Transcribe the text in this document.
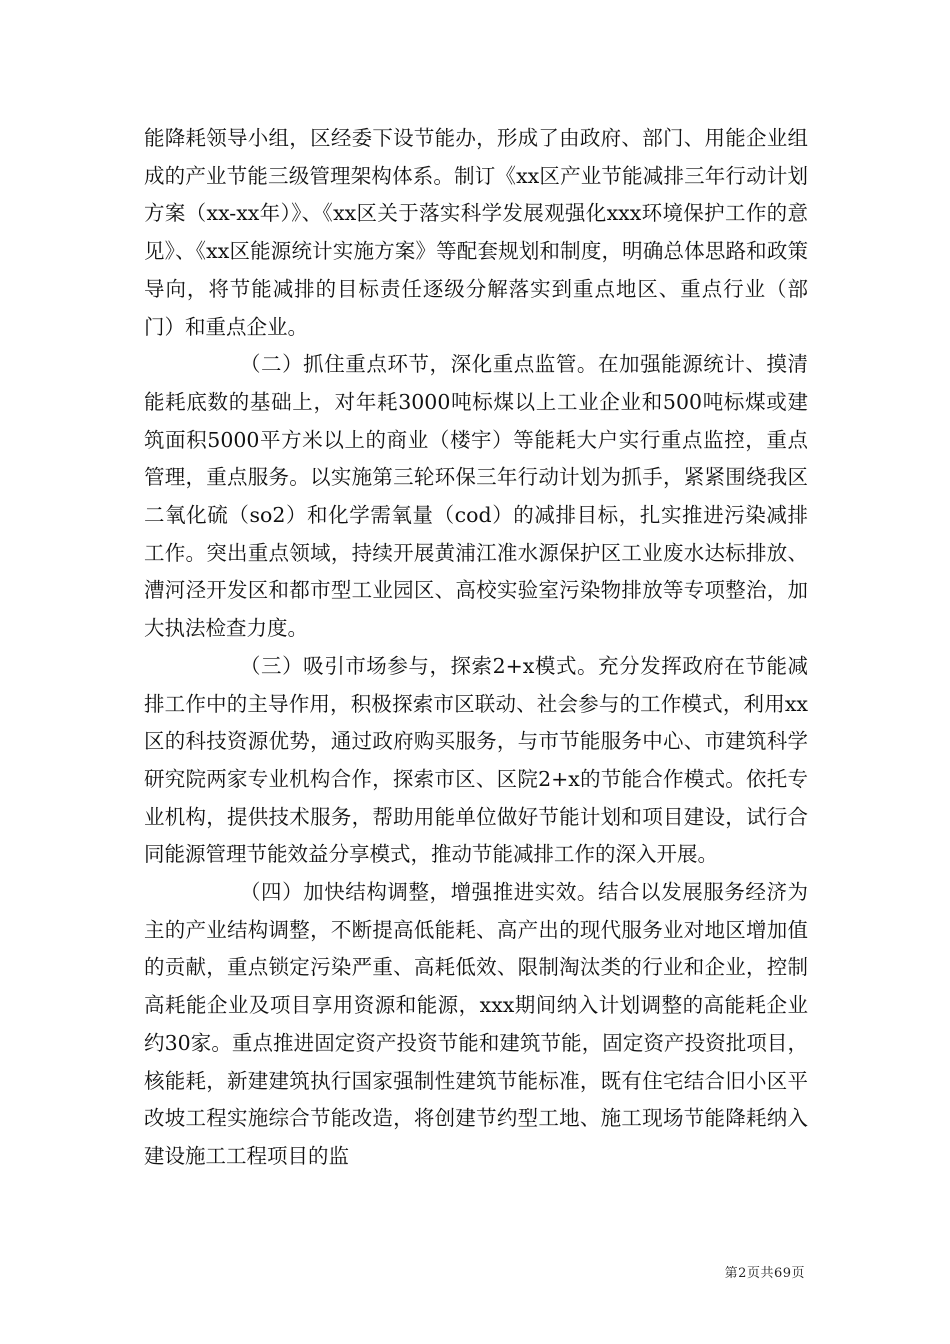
能降耗领导小组，区经委下设节能办，形成了由政府、部门、用能企业组成的产业节能三级管理架构体系。制订《xx区产业节能减排三年行动计划方案（xx-xx年）》、《xx区关于落实科学发展观强化xxx环境保护工作的意见》、《xx区能源统计实施方案》等配套规划和制度，明确总体思路和政策导向，将节能减排的目标责任逐级分解落实到重点地区、重点行业（部门）和重点企业。

（二）抓住重点环节，深化重点监管。在加强能源统计、摸清能耗底数的基础上，对年耗3000吨标煤以上工业企业和500吨标煤或建筑面积5000平方米以上的商业（楼宇）等能耗大户实行重点监控，重点管理，重点服务。以实施第三轮环保三年行动计划为抓手，紧紧围绕我区二氧化硫（so2）和化学需氧量（cod）的减排目标，扎实推进污染减排工作。突出重点领域，持续开展黄浦江准水源保护区工业废水达标排放、漕河泾开发区和都市型工业园区、高校实验室污染物排放等专项整治，加大执法检查力度。

（三）吸引市场参与，探索2+x模式。充分发挥政府在节能减排工作中的主导作用，积极探索市区联动、社会参与的工作模式，利用xx区的科技资源优势，通过政府购买服务，与市节能服务中心、市建筑科学研究院两家专业机构合作，探索市区、区院2+x的节能合作模式。依托专业机构，提供技术服务，帮助用能单位做好节能计划和项目建设，试行合同能源管理节能效益分享模式，推动节能减排工作的深入开展。

（四）加快结构调整，增强推进实效。结合以发展服务经济为主的产业结构调整，不断提高低能耗、高产出的现代服务业对地区增加值的贡献，重点锁定污染严重、高耗低效、限制淘汰类的行业和企业，控制高耗能企业及项目享用资源和能源，xxx期间纳入计划调整的高能耗企业约30家。重点推进固定资产投资节能和建筑节能，固定资产投资批项目，核能耗，新建建筑执行国家强制性建筑节能标准，既有住宅结合旧小区平改坡工程实施综合节能改造，将创建节约型工地、施工现场节能降耗纳入建设施工工程项目的监

第2页共69页
